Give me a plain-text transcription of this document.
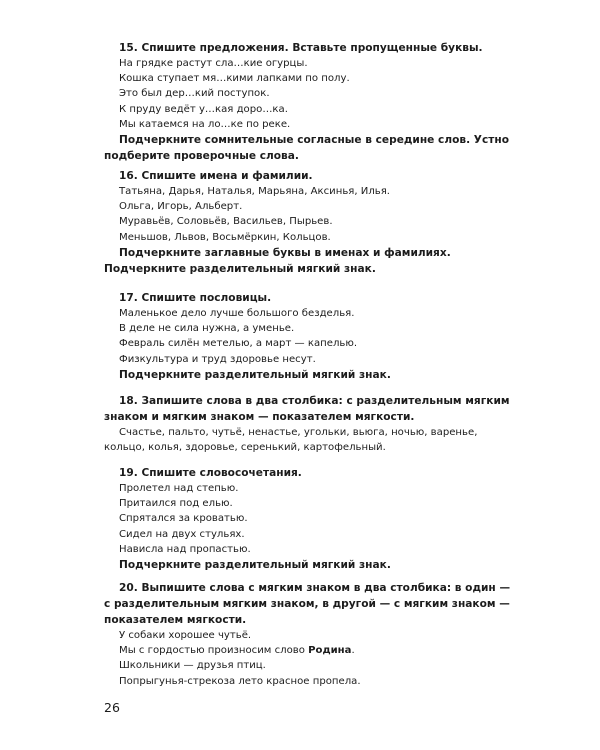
15. Спишите предложения. Вставьте пропущенные буквы.

На грядке растут сла…кие огурцы.

Кошка ступает мя…кими лапками по полу.

Это был дер…кий поступок.

К пруду ведёт у…кая доро…ка.

Мы катаемся на ло…ке по реке.

Подчеркните сомнительные согласные в середине слов. Устно подберите проверочные слова.

16. Спишите имена и фамилии.

Татьяна, Дарья, Наталья, Марьяна, Аксинья, Илья.

Ольга, Игорь, Альберт.

Муравьёв, Соловьёв, Васильев, Пырьев.

Меньшов, Львов, Восьмёркин, Кольцов.

Подчеркните заглавные буквы в именах и фамилиях. Подчеркните разделительный мягкий знак.

17. Спишите пословицы.

Маленькое дело лучше большого безделья.

В деле не сила нужна, а уменье.

Февраль силён метелью, а март — капелью.

Физкультура и труд здоровье несут.

Подчеркните разделительный мягкий знак.

18. Запишите слова в два столбика: с разделительным мягким знаком и мягким знаком — показателем мягкости.

Счастье, пальто, чутьё, ненастье, угольки, вьюга, ночью, варенье, кольцо, колья, здоровье, серенький, картофельный.

19. Спишите словосочетания.

Пролетел над степью.

Притаился под елью.

Спрятался за кроватью.

Сидел на двух стульях.

Нависла над пропастью.

Подчеркните разделительный мягкий знак.

20. Выпишите слова с мягким знаком в два столбика: в один — с разделительным мягким знаком, в другой — с мягким знаком — показателем мягкости.

У собаки хорошее чутьё.

Мы с гордостью произносим слово Родина.

Школьники — друзья птиц.

Попрыгунья-стрекоза лето красное пропела.

26
